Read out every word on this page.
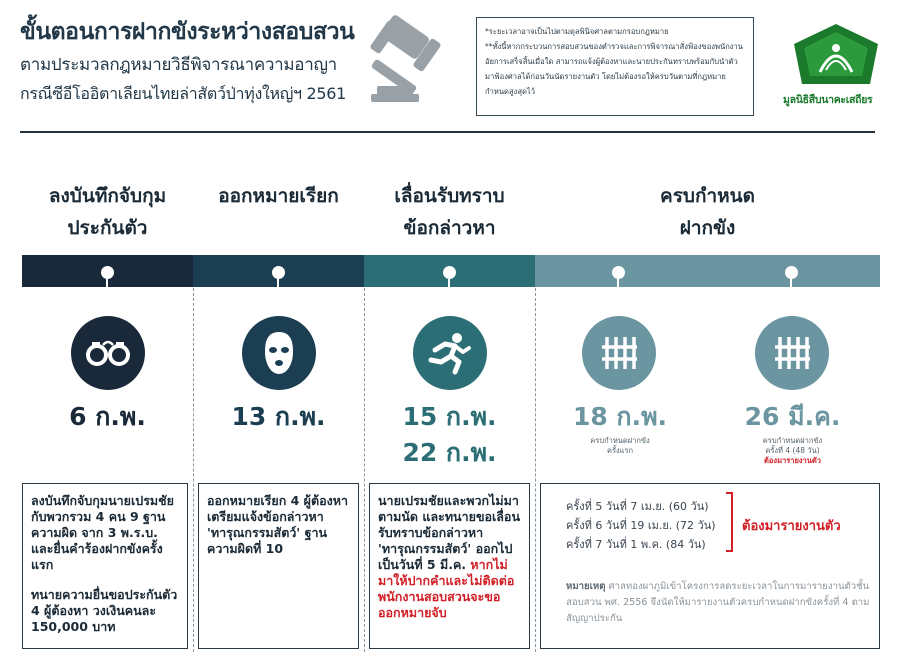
ขั้นตอนการฝากขังระหว่างสอบสวน
ตามประมวลกฎหมายวิธีพิจารณาความอาญา
กรณีซีอีโออิตาเลียนไทยล่าสัตว์ป่าทุ่งใหญ่ฯ 2561

*ระยะเวลาอาจเป็นไปตามดุลพินิจศาลตามกรอบกฎหมาย

**ทั้งนี้หากกระบวนการสอบสวนของตำรวจและการพิจารณาสั่งฟ้องของพนักงานอัยการเสร็จสิ้นเมื่อใด สามารถแจ้งผู้ต้องหาและนายประกันทราบพร้อมกับนำตัวมาฟ้องศาลได้ก่อนวันนัดรายงานตัว โดยไม่ต้องรอให้ครบวันตามที่กฎหมายกำหนดสูงสุดไว้

มูลนิธิสืบนาคะเสถียร
ลงบันทึกจับกุม
ประกันตัว
ออกหมายเรียก	เลื่อนรับทราบ
ข้อกล่าวหา
ครบกำหนด
ฝากขัง
6 ก.พ.	13 ก.พ.	15 ก.พ.
22 ก.พ.
18 ก.พ.	26 มี.ค.
ครบกำหนดฝากขัง
ครั้งแรก
ครบกำหนดฝากขัง
ครั้งที่ 4 (48 วัน)
ต้องมารายงานตัว

ลงบันทึกจับกุมนายเปรมชัยกับพวกรวม 4 คน 9 ฐานความผิด จาก 3 พ.ร.บ. และยื่นคำร้องฝากขังครั้งแรก

ทนายความยื่นขอประกันตัว 4 ผู้ต้องหา วงเงินคนละ 150,000 บาท

ออกหมายเรียก 4 ผู้ต้องหาเตรียมแจ้งข้อกล่าวหา 'ทารุณกรรมสัตว์' ฐานความผิดที่ 10

นายเปรมชัยและพวกไม่มาตามนัด และทนายขอเลื่อนรับทราบข้อกล่าวหา 'ทารุณกรรมสัตว์' ออกไปเป็นวันที่ 5 มี.ค. หากไม่มาให้ปากคำและไม่ติดต่อพนักงานสอบสวนจะขอออกหมายจับ

ครั้งที่ 5 วันที่ 7 เม.ย. (60 วัน)
ครั้งที่ 6 วันที่ 19 เม.ย. (72 วัน)
ครั้งที่ 7 วันที่ 1 พ.ค. (84 วัน)
ต้องมารายงานตัว
หมายเหตุ ศาลทองผาภูมิเข้าโครงการลดระยะเวลาในการมารายงานตัวชั้นสอบสวน พศ. 2556 จึงนัดให้มารายงานตัวครบกำหนดฝากขังครั้งที่ 4 ตามสัญญาประกัน
